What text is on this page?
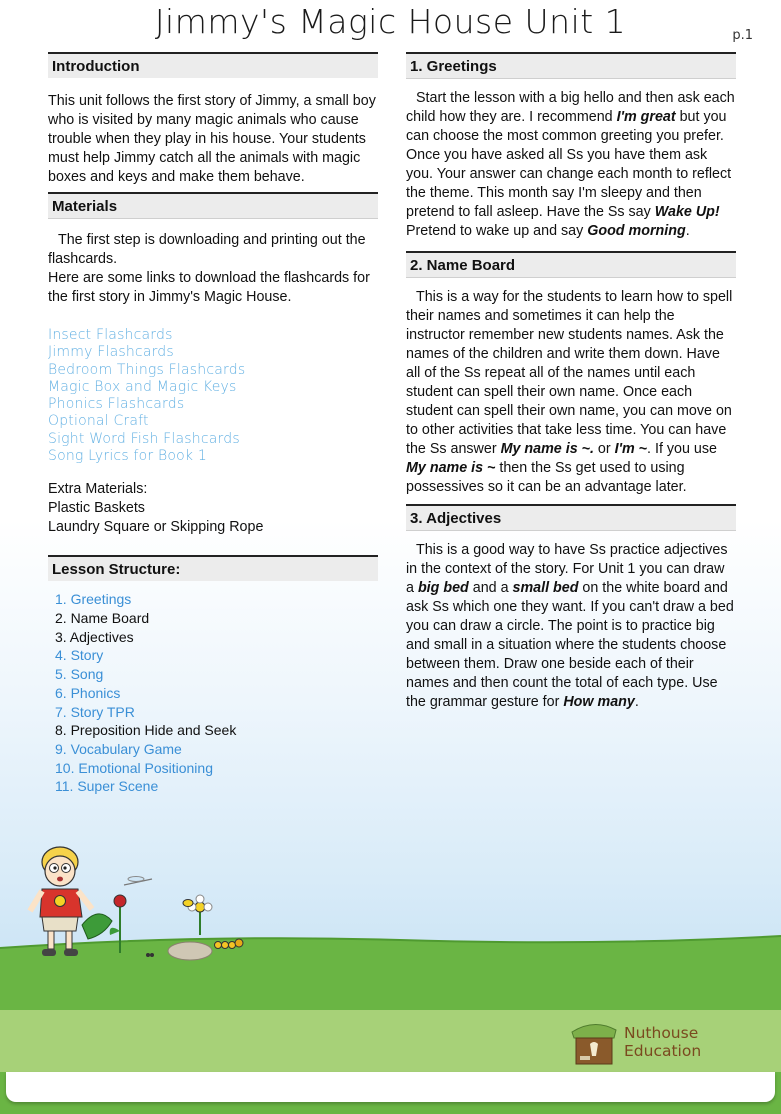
Jimmy's Magic House Unit 1	p.1
Introduction

This unit follows the first story of Jimmy, a small boy who is visited by many magic animals who cause trouble when they play in his house. Your students must help Jimmy catch all the animals with magic boxes and keys and make them behave.

Materials

The first step is downloading and printing out the flashcards.

Here are some links to download the flashcards for the first story in Jimmy's Magic House.

Insect Flashcards
Jimmy Flashcards
Bedroom Things Flashcards
Magic Box and Magic Keys
Phonics Flashcards
Optional Craft
Sight Word Fish Flashcards
Song Lyrics for Book 1
Extra Materials:
Plastic Baskets
Laundry Square or Skipping Rope
Lesson Structure:
1. Greetings
2. Name Board
3. Adjectives
4. Story
5. Song
6. Phonics
7. Story TPR
8. Preposition Hide and Seek
9. Vocabulary Game
10. Emotional Positioning
11. Super Scene
1. Greetings

Start the lesson with a big hello and then ask each child how they are. I recommend I'm great but you can choose the most common greeting you prefer. Once you have asked all Ss you have them ask you. Your answer can change each month to reflect the theme. This month say I'm sleepy and then pretend to fall asleep. Have the Ss say Wake Up! Pretend to wake up and say Good morning.

2. Name Board

This is a way for the students to learn how to spell their names and sometimes it can help the instructor remember new students names. Ask the names of the children and write them down. Have all of the Ss repeat all of the names until each student can spell their own name. Once each student can spell their own name, you can move on to other activities that take less time. You can have the Ss answer My name is ~. or I'm ~. If you use My name is ~ then the Ss get used to using possessives so it can be an advantage later.

3. Adjectives

This is a good way to have Ss practice adjectives in the context of the story. For Unit 1 you can draw a big bed and a small bed on the white board and ask Ss which one they want. If you can't draw a bed you can draw a circle. The point is to practice big and small in a situation where the students choose between them. Draw one beside each of their names and then count the total of each type. Use the grammar gesture for How many.

Nuthouse
Education
